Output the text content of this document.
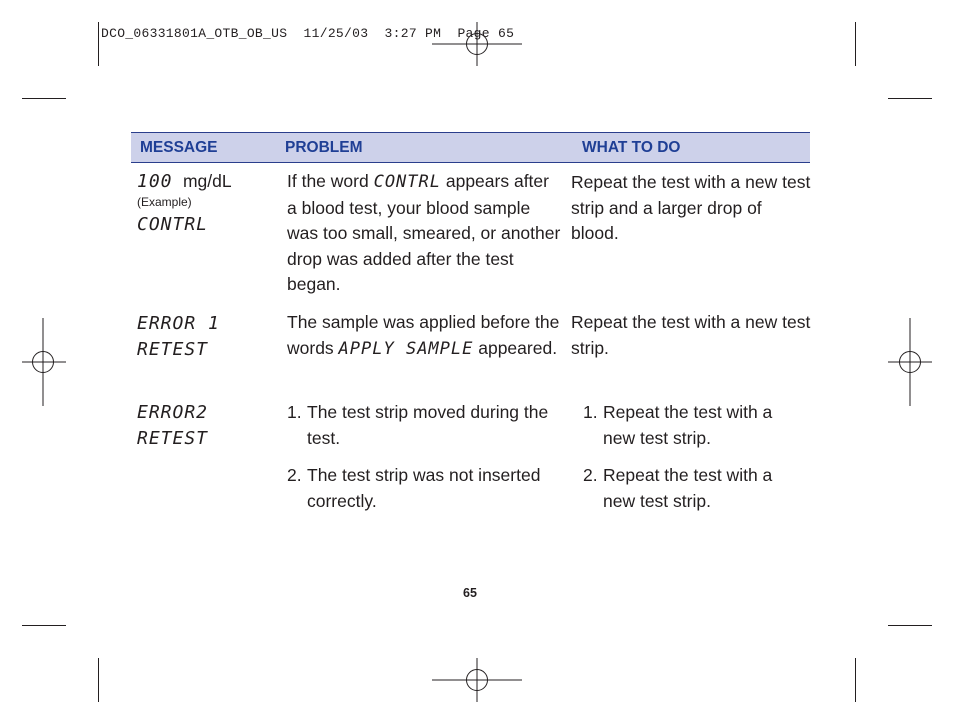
DCO_06331801A_OTB_OB_US  11/25/03  3:27 PM  Page 65
MESSAGE	PROBLEM	WHAT TO DO
100 mg/dL
(Example)
CONTRL
If the word CONTRL appears after a blood test, your blood sample was too small, smeared, or another drop was added after the test began.
Repeat the test with a new test strip and a larger drop of blood.
ERROR 1
RETEST
The sample was applied before the words APPLY SAMPLE appeared.
Repeat the test with a new test strip.
ERROR2
RETEST
1. The test strip moved during the test.
2. The test strip was not inserted correctly.
1. Repeat the test with a new test strip.
2. Repeat the test with a new test strip.
65
